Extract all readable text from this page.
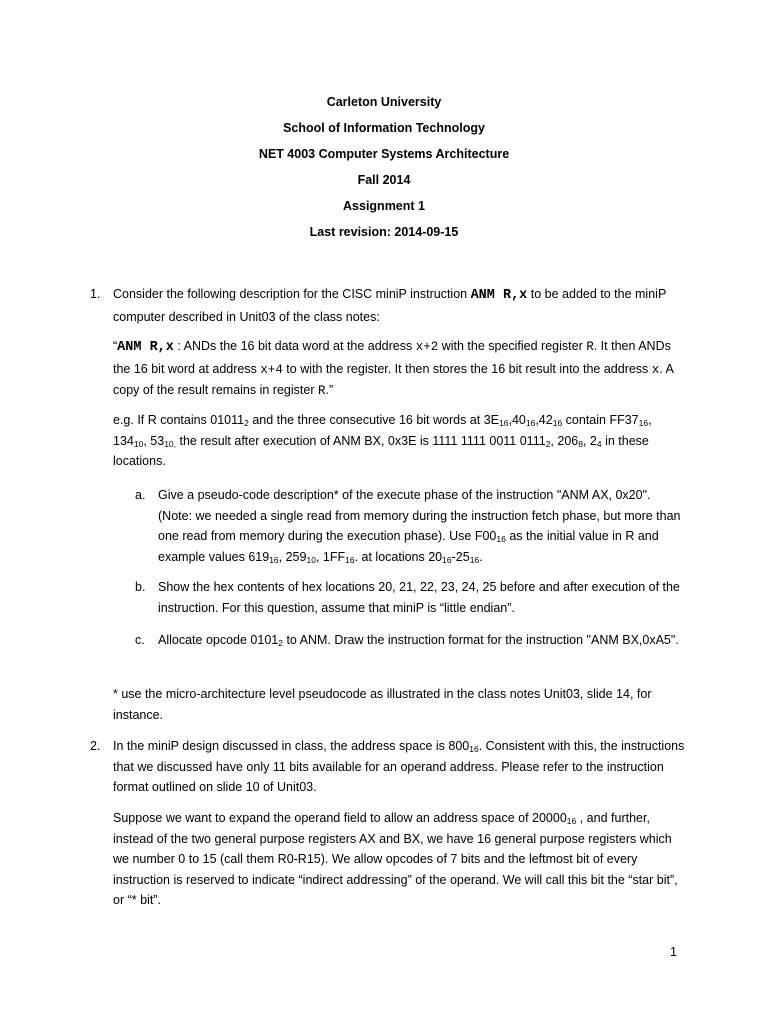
Carleton University
School of Information Technology
NET 4003 Computer Systems Architecture
Fall 2014
Assignment 1
Last revision: 2014-09-15
1. Consider the following description for the CISC miniP instruction ANM R,x to be added to the miniP computer described in Unit03 of the class notes:
“ANM R,x : ANDs the 16 bit data word at the address x+2 with the specified register R. It then ANDs the 16 bit word at address x+4 to with the register. It then stores the 16 bit result into the address x. A copy of the result remains in register R.”
e.g. If R contains $01011_2$ and the three consecutive 16 bit words at $3E_{16},40_{16},42_{16}$ contain $FF37_{16}$, $134_{10}$, $53_{10,}$ the result after execution of ANM BX, 0x3E is 1111 1111 0011 $0111_2$, $206_8$, $2_4$ in these locations.
a. Give a pseudo-code description* of the execute phase of the instruction "ANM AX, 0x20". (Note: we needed a single read from memory during the instruction fetch phase, but more than one read from memory during the execution phase). Use $F00_{16}$ as the initial value in R and example values $619_{16}$, $259_{10}$, $1FF_{16}$. at locations $20_{16}-25_{16}$.
b. Show the hex contents of hex locations 20, 21, 22, 23, 24, 25 before and after execution of the instruction. For this question, assume that miniP is “little endian”.
c. Allocate opcode $0101_2$ to ANM. Draw the instruction format for the instruction "ANM BX,0xA5".
* use the micro-architecture level pseudocode as illustrated in the class notes Unit03, slide 14, for instance.
2. In the miniP design discussed in class, the address space is $800_{16}$. Consistent with this, the instructions that we discussed have only 11 bits available for an operand address. Please refer to the instruction format outlined on slide 10 of Unit03.
Suppose we want to expand the operand field to allow an address space of $20000_{16}$ , and further, instead of the two general purpose registers AX and BX, we have 16 general purpose registers which we number 0 to 15 (call them R0-R15). We allow opcodes of 7 bits and the leftmost bit of every instruction is reserved to indicate “indirect addressing” of the operand. We will call this bit the “star bit”, or “* bit”.
1
